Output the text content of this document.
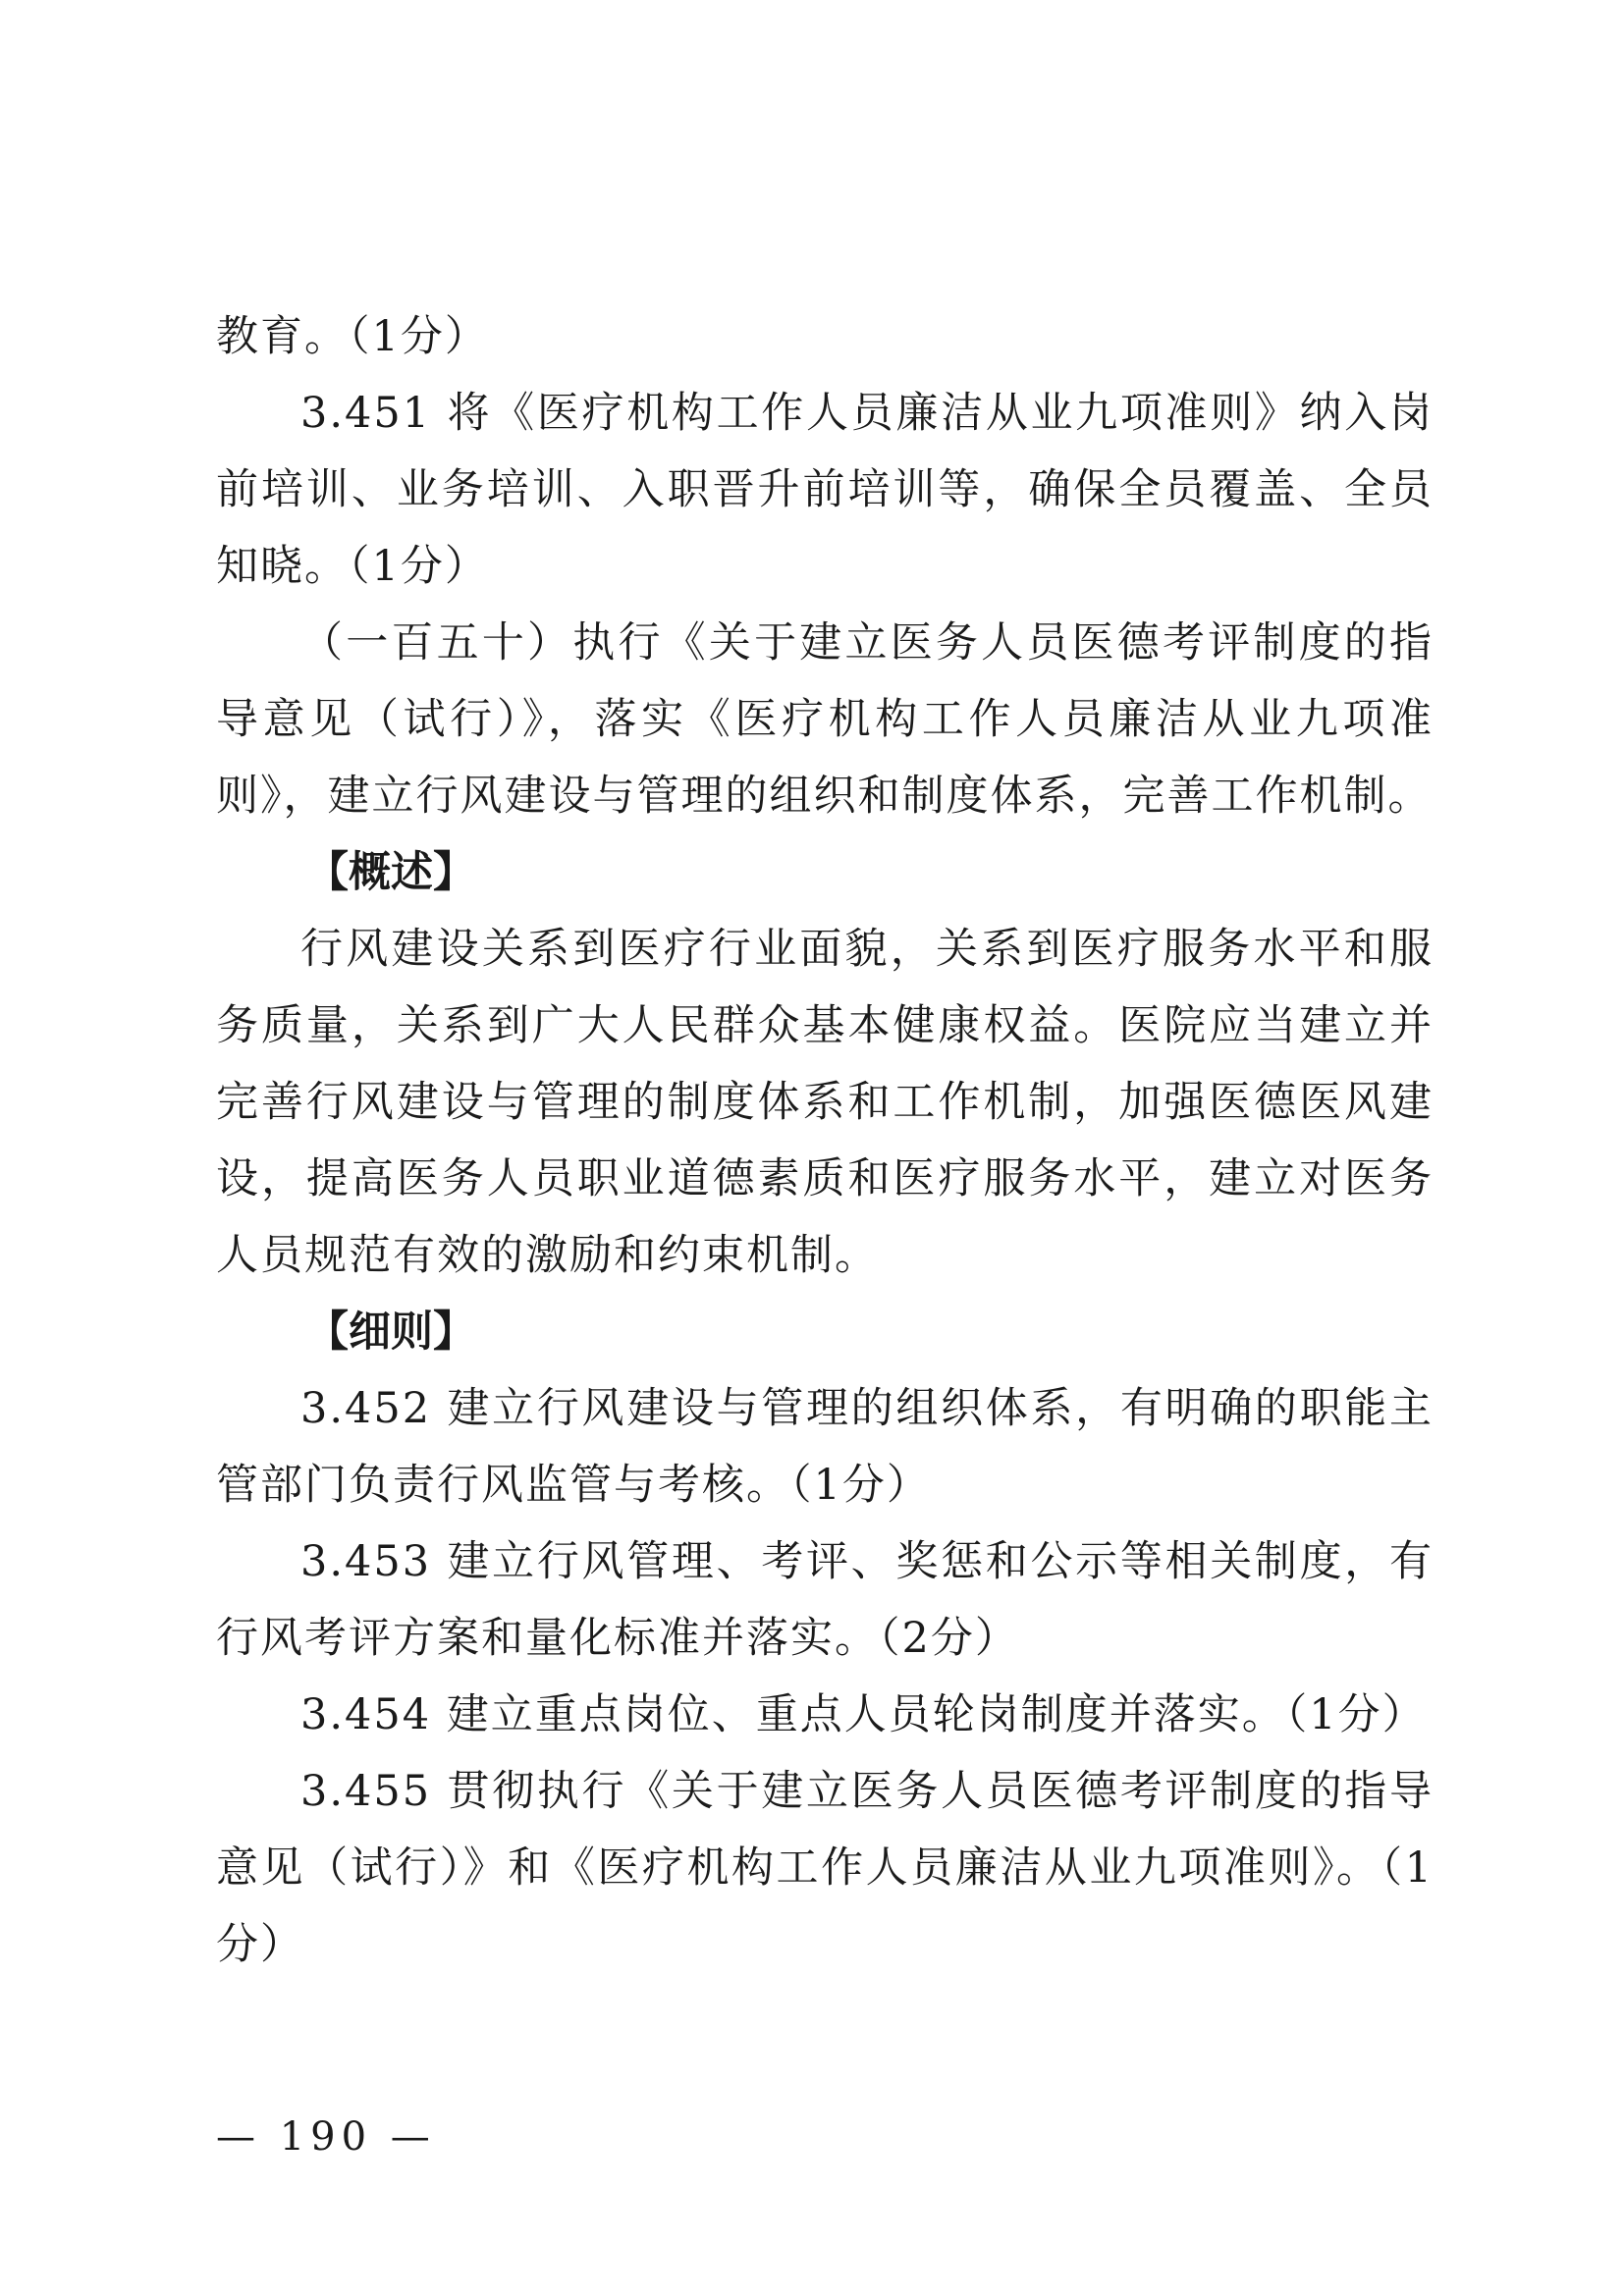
教育。（1分）

3.451 将《医疗机构工作人员廉洁从业九项准则》纳入岗前培训、业务培训、入职晋升前培训等，确保全员覆盖、全员知晓。（1分）

（一百五十）执行《关于建立医务人员医德考评制度的指导意见（试行）》，落实《医疗机构工作人员廉洁从业九项准则》，建立行风建设与管理的组织和制度体系，完善工作机制。

【概述】

行风建设关系到医疗行业面貌，关系到医疗服务水平和服务质量，关系到广大人民群众基本健康权益。医院应当建立并完善行风建设与管理的制度体系和工作机制，加强医德医风建设，提高医务人员职业道德素质和医疗服务水平，建立对医务人员规范有效的激励和约束机制。

【细则】

3.452 建立行风建设与管理的组织体系，有明确的职能主管部门负责行风监管与考核。（1分）

3.453 建立行风管理、考评、奖惩和公示等相关制度，有行风考评方案和量化标准并落实。（2分）

3.454 建立重点岗位、重点人员轮岗制度并落实。（1分）

3.455 贯彻执行《关于建立医务人员医德考评制度的指导意见（试行）》和《医疗机构工作人员廉洁从业九项准则》。（1分）

— 190 —
